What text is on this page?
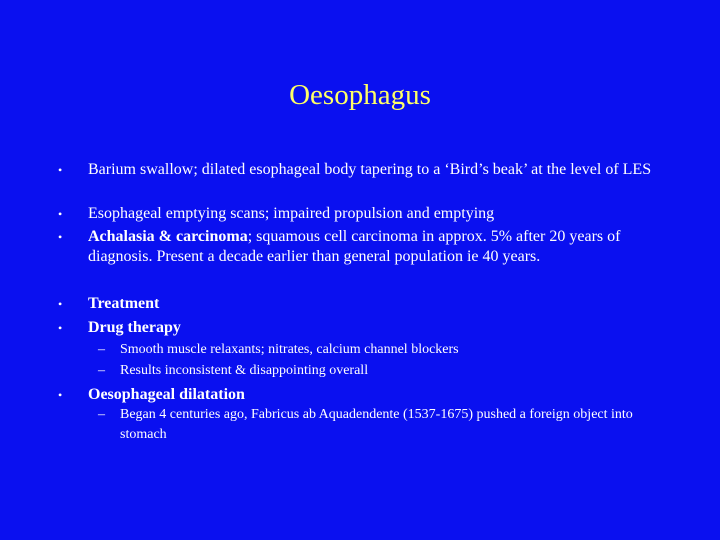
Oesophagus
•	Barium swallow; dilated esophageal body tapering to a ‘Bird’s beak’ at the level of LES
•	Esophageal emptying scans; impaired propulsion and emptying
•	Achalasia & carcinoma; squamous cell carcinoma in approx. 5% after 20 years of diagnosis. Present a decade earlier than general population ie 40 years.
•	Treatment
•	Drug therapy
– Smooth muscle relaxants; nitrates, calcium channel blockers
– Results inconsistent & disappointing overall
•	Oesophageal dilatation
– Began 4 centuries ago, Fabricus ab Aquadendente (1537-1675) pushed a foreign object into stomach
